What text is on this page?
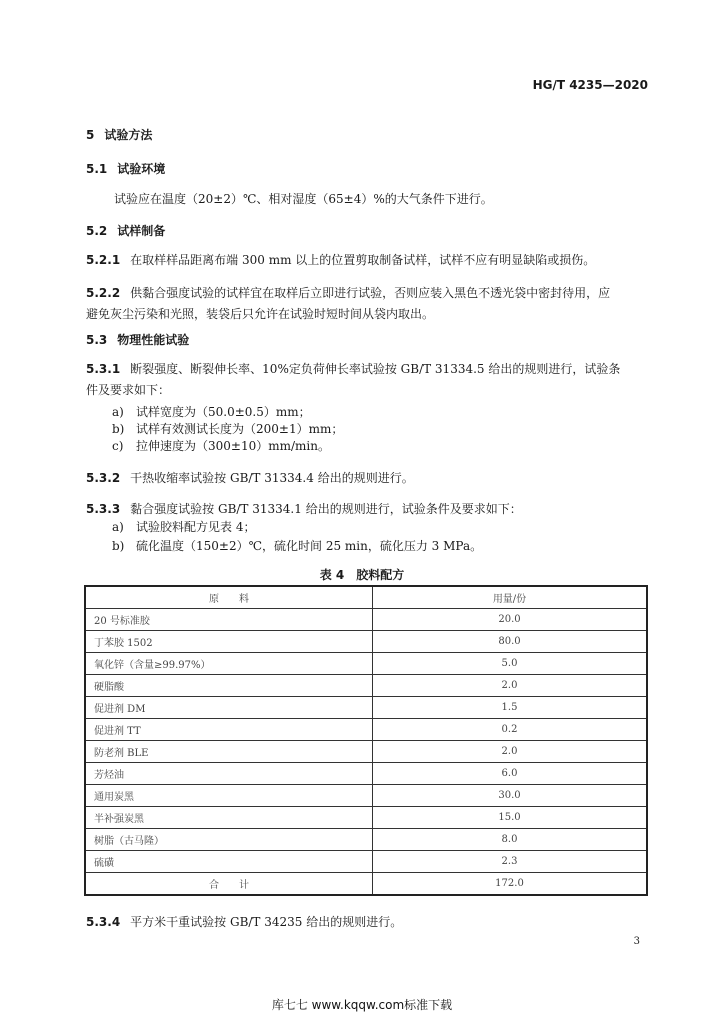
HG/T 4235—2020
5 试验方法
5.1 试验环境
试验应在温度（20±2）℃、相对湿度（65±4）%的大气条件下进行。
5.2 试样制备
5.2.1 在取样样品距离布端 300 mm 以上的位置剪取制备试样，试样不应有明显缺陷或损伤。
5.2.2 供黏合强度试验的试样宜在取样后立即进行试验，否则应装入黑色不透光袋中密封待用，应
避免灰尘污染和光照，装袋后只允许在试验时短时间从袋内取出。
5.3 物理性能试验
5.3.1 断裂强度、断裂伸长率、10%定负荷伸长率试验按 GB/T 31334.5 给出的规则进行，试验条
件及要求如下：
a) 试样宽度为（50.0±0.5）mm；
b) 试样有效测试长度为（200±1）mm；
c) 拉伸速度为（300±10）mm/min。
5.3.2 干热收缩率试验按 GB/T 31334.4 给出的规则进行。
5.3.3 黏合强度试验按 GB/T 31334.1 给出的规则进行，试验条件及要求如下：
a) 试验胶料配方见表 4；
b) 硫化温度（150±2）℃，硫化时间 25 min，硫化压力 3 MPa。
表 4　胶料配方
原　　料	用量/份
20 号标准胶	20.0
丁苯胶 1502	80.0
氧化锌（含量≥99.97%）	5.0
硬脂酸	2.0
促进剂 DM	1.5
促进剂 TT	0.2
防老剂 BLE	2.0
芳烃油	6.0
通用炭黑	30.0
半补强炭黑	15.0
树脂（古马隆）	8.0
硫磺	2.3
合　　计	172.0
5.3.4 平方米干重试验按 GB/T 34235 给出的规则进行。
3
库七七 www.kqqw.com标准下载
